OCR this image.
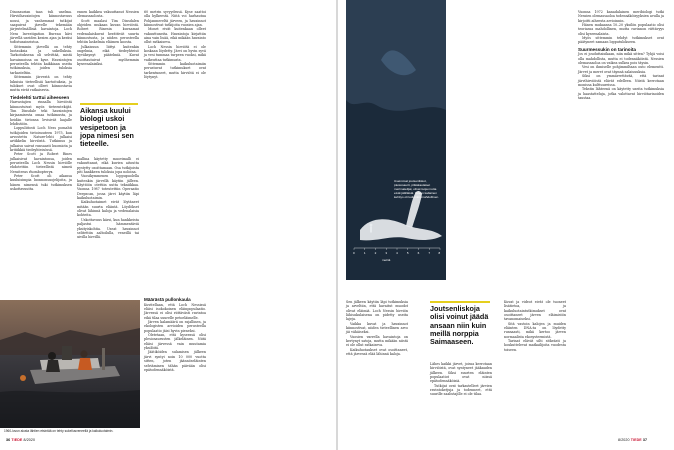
Dinosaurian taas tuli unelma. Hirviöhavaintojen kiinnostavuus nousi, ja vanhemmat tutkijat saapuivat järvelle tekemään järjestelmällisiä havaintoja. Loch Ness Investigation Bureau kävi järvellä useiden kesien ajan ja keräsi todistusaineistoa.

Sittemmin järvellä on tehty luotauksia ja sukelluksia. Tarkoituksena oli selvittää, mistä havainnoissa on kyse. Havaintojen perusteella tehtiin kaikkiaan useita tutkimuksia, joiden tuloksia tarkasteltiin.

Sittemmin järvestä on tehty lukuisia tieteellisiä kartoituksia, ja tulokset ovat olleet kiinnostavia mutta eivät ratkaisevia.

Tiedelehti tarttui aiheeseen

Harrastajien rinnalla hirviöstä kiinnostuivat myös tieteentekijät. Tim Dinsdale teki havaintojen kirjaamisesta omaa tutkimusta, ja heidän tietonsa levisivät laajalle lehdistöön.

Loppuliitosti Loch Ness pomahti tutkijoiden tietoisuuteen 1975, kun arvostettu Nature-lehti julkaisi artikkelin hirviöstä. Tutkimus ja julkaisu saivat runsaasti huomiota ja kritiikkiä tiedeyhteisössä.

Peter Scott ja Robert Rines julkaisivat havaintonsa, joiden perusteella Loch Nessin hirviölle ehdotettiin tieteellistä nimeä Nessiteras rhombopteryx.

Peter Scott oli aikansa kuuluisimpia luonnonsuojelijoita, ja hänen nimensä tuki tutkimuksen uskottavuutta.

ennen kaikkea vakuuttanut Nessien olemassaolosta.

Scott maalasi Tim Dinsdalen ohjeiden mukaan kuvan hirviöstä. Robert Rinesin kuvaamat vedenalaiskuvat herättivät suurta kiinnostusta, ja niiden perusteella tehtiin laskelmia eläimen koosta.

Julkaisuun liittyi kuitenkin ongelmia, eikä tiedeyhteisö hyväksynyt päätelmiä. Kuvat osoittautuivat myöhemmin kyseenalaisiksi.

Aikansa kuului biologi uskoi vesipetoon ja jopa nimesi sen tieteelle.

mallina käytetty muovimalli ei vakuuttanut, eikä kuvien aitoutta pystytty osoittamaan. Osa tutkijoista piti hankkeen tuloksia jopa noloina.

Vuosikymmenen loppupuolella kuitenkin järvellä käytiin jälleen. Käyttöön otettiin uutta tekniikkaa. Vuonna 1987 toteutettiin Operaatio Deepscan, jossa järvi käytiin läpi kaikuluotaimin.

Kaikuluotaimet eivät löytäneet mitään suurta eläintä. Löydökset olivat lähinnä kaloja ja vedenalaisia kohteita.

Uskottavuus kärsi, kun hankkeista paljastui hämmentäviä yksityiskohtia. Useat havainnot selitettiin aaltoilulla, veneillä tai uivilla hirvillä.

60 metrin syvyydessä. Kyse saattoi olla hylkeestä. Niitä voi harhautua Pohjanmereltä järveen, ja havainnot kiinnostivat tutkijoita vuosien ajan.

Monet eivät kuitenkaan olleet vakuuttuneita. Havaintoja kirjattiin aina vain lisää, eikä mikään havainto ollut ratkaiseva.

Loch Nessin hirviötä ei ole koskaan löydetty. Järvi on hyvin syvä ja vesi tummaa turpeen vuoksi, mikä vaikeuttaa tutkimusta.

Sittemmin kaikuluotaimiin perustuvat tutkimukset ovat tarkentuneet, mutta hirviötä ei ole löytynyt.

Määrästä pullonkaula

Kuvitellaan, että Loch Nessissä eläisi isokokoinen eläinpopulaatio. Järvessä ei olisi riittävästi ravintoa eikä tilaa suurelle petoeläimelle.

Järven kalamäärä on rajallinen, ja ekologisten arvioiden perusteella populaatio jäisi hyvin pieneksi.

Oletetaan, että kyseessä olisi plesiosaurusten jälkeläinen. Niitä eläisi järvessä vain muutamia yksilöitä.

Jäätiköiden sulamisen jälkeen järvi syntyi noin 10 000 vuotta sitten, joten jäännöseläinten selviäminen tähän päivään olisi epätodennäköistä.

1960-luvun alusta lähtien etsintää on tehty sukellusveneellä ja kaikuluotaimin.
36 TIEDE 8/2020
0	1	2	3	4	5	6	7	8
metriä
Useimmat joutsenliskot, plesiosaurit, pitkäkaulaiset merimatelijat, olivat isoja mutta eivät jättiläisiä. Kuvan kaltainen kehitys oli kuitenkin mahdollinen.

Sen jälkeen käytiin läpi tutkimuksia ja arveltiin, että havaitut muodot olivat eläimiä. Loch Nessin hirviön lähisukulaisena on pidetty useita lajeja.

Vaikka kuvat ja havainnot kiinnostivat, niiden tieteellinen arvo jäi vähäiseksi.

Vuosien varrella havaintoja on kertynyt satoja, mutta mikään niistä ei ole ollut ratkaiseva.

Kaikuluotaukset ovat osoittaneet, että järvessä elää lähinnä kaloja.

Joutsenliskoja olisi voinut jäädä ansaan niin kuin meillä norppia Saimaaseen.

Lähes kaikki järvet, joissa kerrotaan hirviöistä, ovat syntyneet jääkauden jälkeen. Siksi suurten eläinten populaatiot ovat niissä epätodennäköisiä.

Tutkijat ovat tarkastelleet järvien ravintoketjuja ja todenneet, että suurille saalistajille ei ole tilaa.

Kuvat ja videot eivät ole tuoneet lisätietoa, ja kaikuluotaintutkimukset ovat osoittaneet järven eläimistön tavanomaiseksi.

Sitä vastoin kalojen ja muiden eläinten DNA:ta on löydetty runsaasti, mikä kertoo järven normaalista ekosysteemistä.

Tarinat elävät silti sitkeästi ja houkuttelevat matkailijoita vuodesta toiseen.

Vuonna 1972 kanadalainen meribiologi tutki Nessien olemassaoloa todennäköisyyksien avulla ja kirjoitti aiheesta arvioinnin.

Hänen mukaansa 10–20 yksilön populaatio olisi teoriassa mahdollinen, mutta ravinnon riittävyys olisi kyseenalaista.

Myös sittemmin tehdyt tutkimukset ovat päätyneet samaan lopputulokseen.

Suurmessukin on tarinoita

Jos ei jouduttaisikaan, niin mikä sitten? Tyhjä voisi olla mahdollista, mutta ei todennäköistä. Nessien olemassaoloa on vaikea sulkea pois täysin.

Vesi on ihmiselle pohjimmiltaan outo elementti. Järvet ja meret ovat täynnä salaisuuksia.

Siksi on ymmärrettävää, että tarinat järvihirviöistä elävät edelleen. Niistä kerrotaan monissa kulttuureissa.

Tekstin lähteenä on käytetty useita tutkimuksia ja haastatteluja, jotka valottavat hirviötarinoiden taustaa.

8/2020 TIEDE 37
